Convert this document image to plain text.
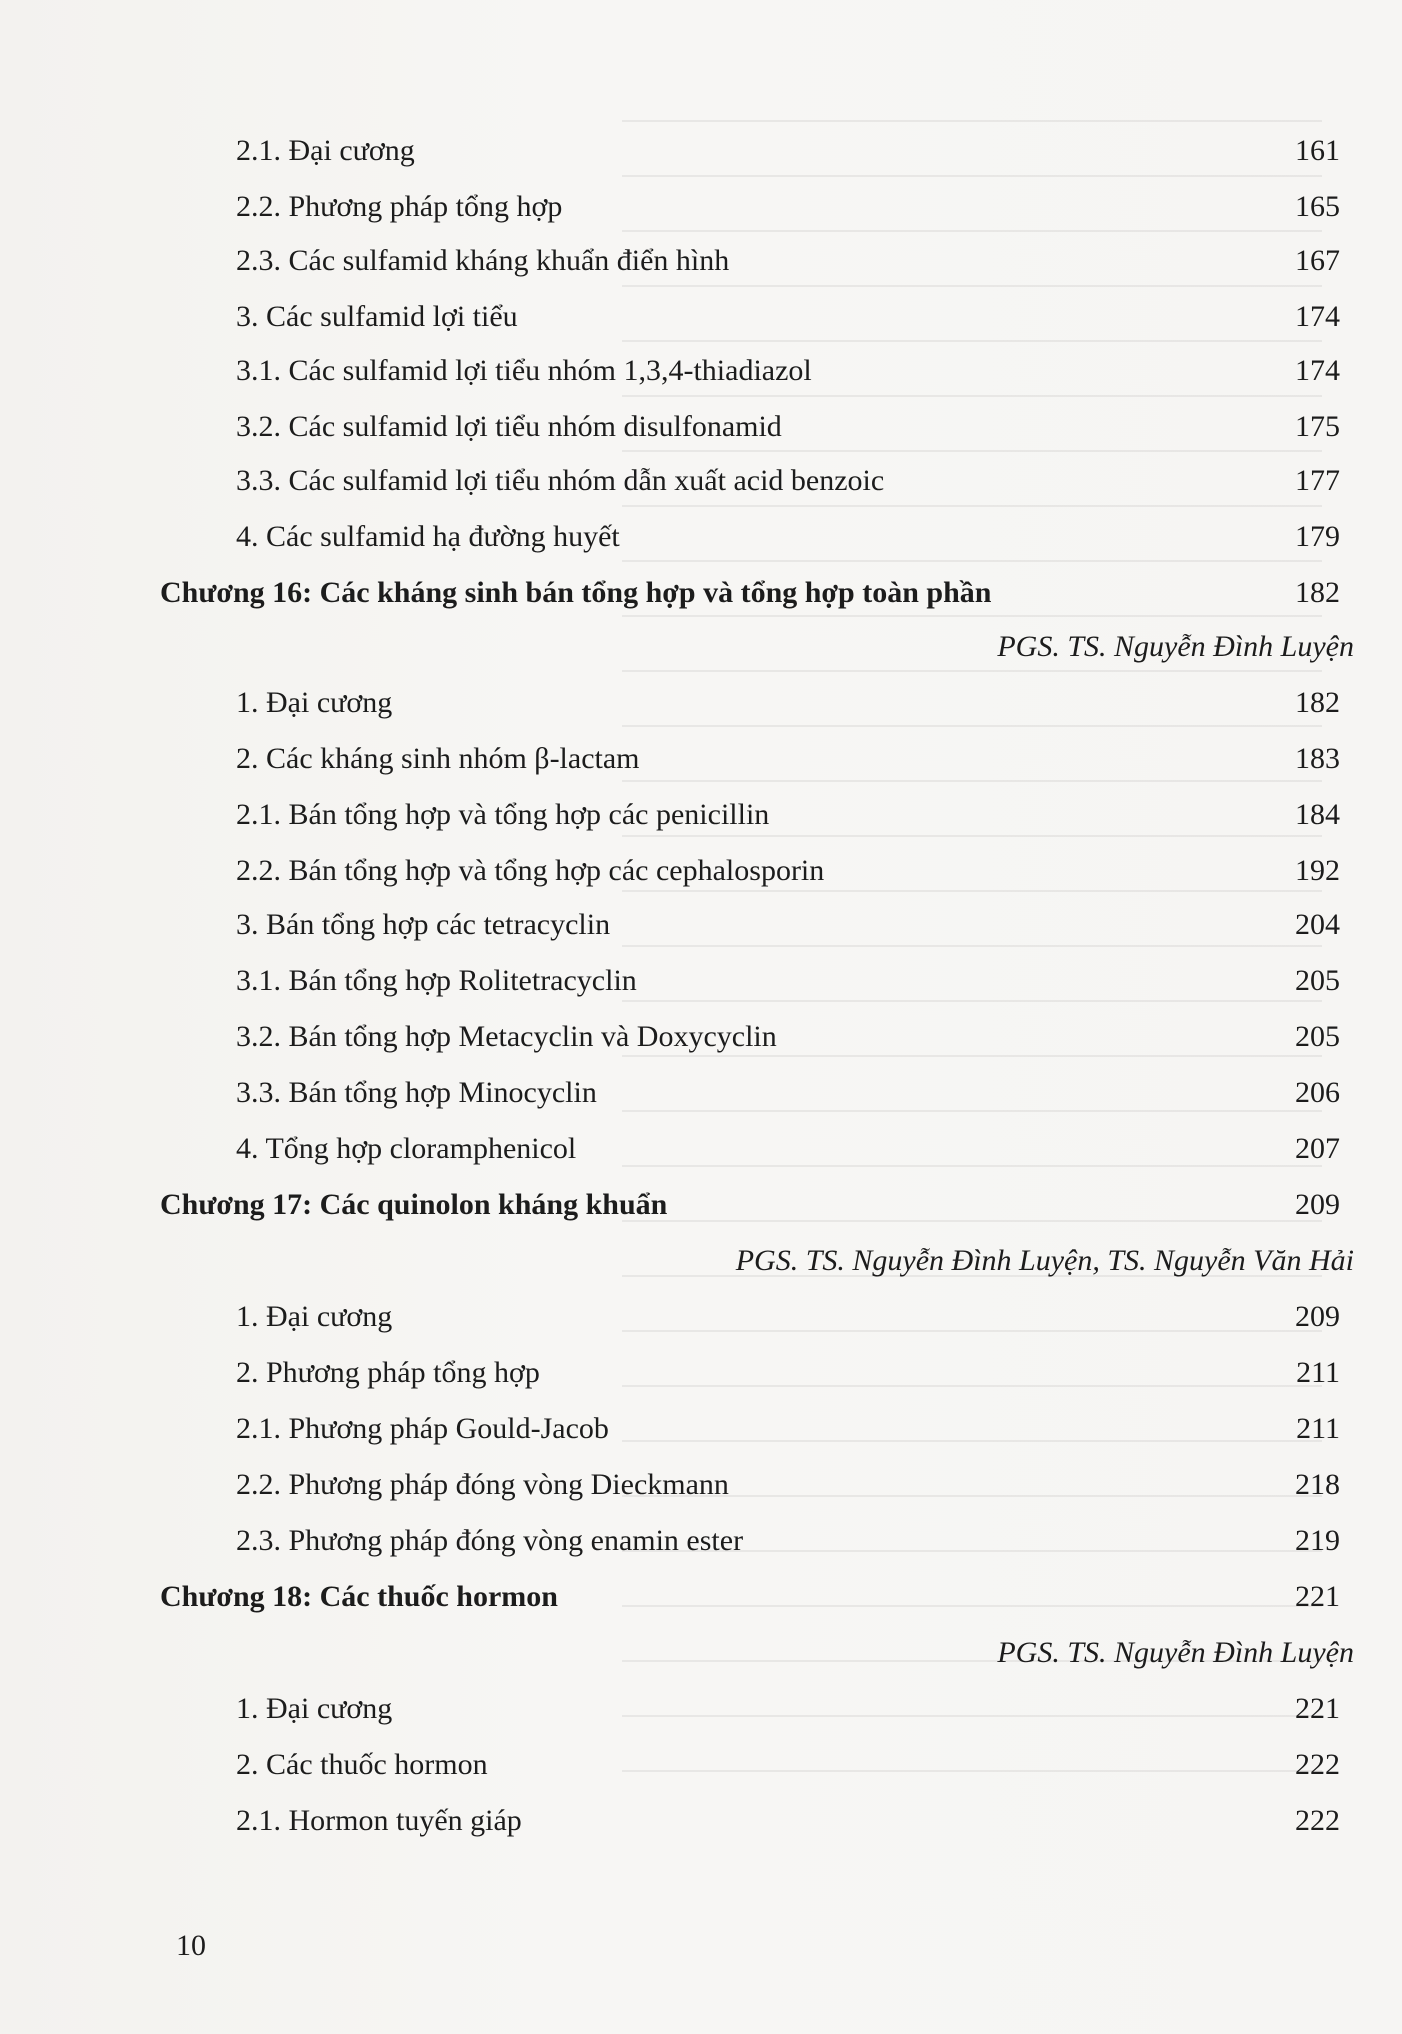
2.1. Đại cương	161
2.2. Phương pháp tổng hợp	165
2.3. Các sulfamid kháng khuẩn điển hình	167
3. Các sulfamid lợi tiểu	174
3.1. Các sulfamid lợi tiểu nhóm 1,3,4-thiadiazol	174
3.2. Các sulfamid lợi tiểu nhóm disulfonamid	175
3.3. Các sulfamid lợi tiểu nhóm dẫn xuất acid benzoic	177
4. Các sulfamid hạ đường huyết	179
Chương 16: Các kháng sinh bán tổng hợp và tổng hợp toàn phần	182
PGS. TS. Nguyễn Đình Luyện
1. Đại cương	182
2. Các kháng sinh nhóm β-lactam	183
2.1. Bán tổng hợp và tổng hợp các penicillin	184
2.2. Bán tổng hợp và tổng hợp các cephalosporin	192
3. Bán tổng hợp các tetracyclin	204
3.1. Bán tổng hợp Rolitetracyclin	205
3.2. Bán tổng hợp Metacyclin và Doxycyclin	205
3.3. Bán tổng hợp Minocyclin	206
4. Tổng hợp cloramphenicol	207
Chương 17: Các quinolon kháng khuẩn	209
PGS. TS. Nguyễn Đình Luyện, TS. Nguyễn Văn Hải
1. Đại cương	209
2. Phương pháp tổng hợp	211
2.1. Phương pháp Gould-Jacob	211
2.2. Phương pháp đóng vòng Dieckmann	218
2.3. Phương pháp đóng vòng enamin ester	219
Chương 18: Các thuốc hormon	221
PGS. TS. Nguyễn Đình Luyện
1. Đại cương	221
2. Các thuốc hormon	222
2.1. Hormon tuyến giáp	222
10
